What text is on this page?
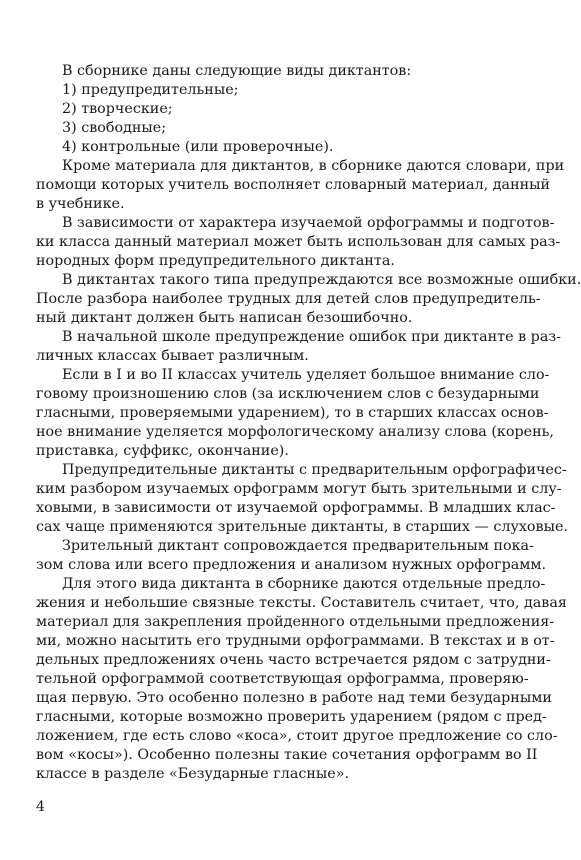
В сборнике даны следующие виды диктантов:
1) предупредительные;
2) творческие;
3) свободные;
4) контрольные (или проверочные).
Кроме материала для диктантов, в сборнике даются словари, при
помощи которых учитель восполняет словарный материал, данный
в учебнике.
В зависимости от характера изучаемой орфограммы и подготов-
ки класса данный материал может быть использован для самых раз-
нородных форм предупредительного диктанта.
В диктантах такого типа предупреждаются все возможные ошибки.
После разбора наиболее трудных для детей слов предупредитель-
ный диктант должен быть написан безошибочно.
В начальной школе предупреждение ошибок при диктанте в раз-
личных классах бывает различным.
Если в I и во II классах учитель уделяет большое внимание сло-
говому произношению слов (за исключением слов с безударными
гласными, проверяемыми ударением), то в старших классах основ-
ное внимание уделяется морфологическому анализу слова (корень,
приставка, суффикс, окончание).
Предупредительные диктанты с предварительным орфографичес-
ким разбором изучаемых орфограмм могут быть зрительными и слу-
ховыми, в зависимости от изучаемой орфограммы. В младших клас-
сах чаще применяются зрительные диктанты, в старших — слуховые.
Зрительный диктант сопровождается предварительным пока-
зом слова или всего предложения и анализом нужных орфограмм.
Для этого вида диктанта в сборнике даются отдельные предло-
жения и небольшие связные тексты. Составитель считает, что, давая
материал для закрепления пройденного отдельными предложения-
ми, можно насытить его трудными орфограммами. В текстах и в от-
дельных предложениях очень часто встречается рядом с затрудни-
тельной орфограммой соответствующая орфограмма, проверяю-
щая первую. Это особенно полезно в работе над теми безударными
гласными, которые возможно проверить ударением (рядом с пред-
ложением, где есть слово «коса», стоит другое предложение со сло-
вом «косы»). Особенно полезны такие сочетания орфограмм во II
классе в разделе «Безударные гласные».
4
